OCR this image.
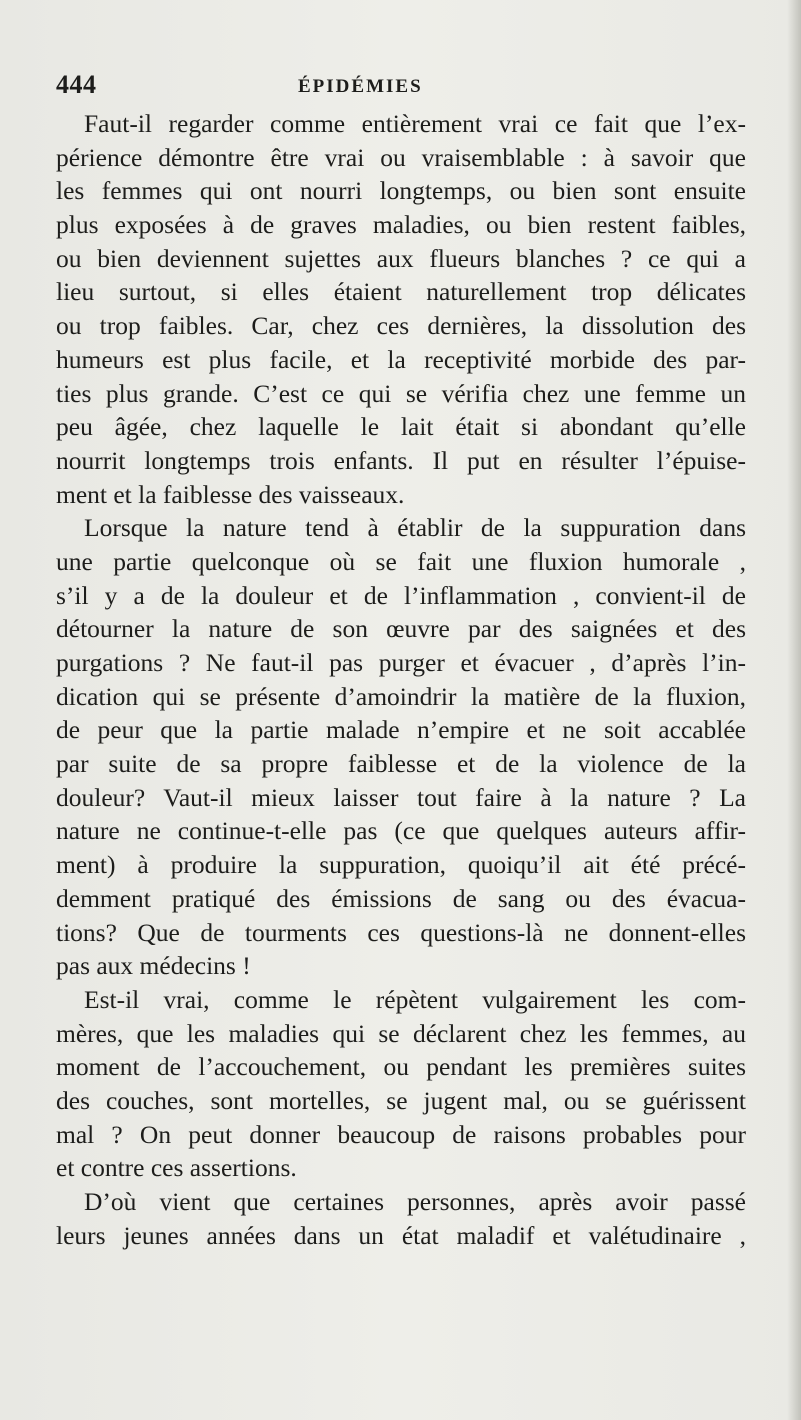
444	ÉPIDÉMIES
Faut-il regarder comme entièrement vrai ce fait que l’ex-
périence démontre être vrai ou vraisemblable : à savoir que
les femmes qui ont nourri longtemps, ou bien sont ensuite
plus exposées à de graves maladies, ou bien restent faibles,
ou bien deviennent sujettes aux flueurs blanches ? ce qui a
lieu surtout, si elles étaient naturellement trop délicates
ou trop faibles. Car, chez ces dernières, la dissolution des
humeurs est plus facile, et la receptivité morbide des par-
ties plus grande. C’est ce qui se vérifia chez une femme un
peu âgée, chez laquelle le lait était si abondant qu’elle
nourrit longtemps trois enfants. Il put en résulter l’épuise-
ment et la faiblesse des vaisseaux.
Lorsque la nature tend à établir de la suppuration dans
une partie quelconque où se fait une fluxion humorale ,
s’il y a de la douleur et de l’inflammation , convient-il de
détourner la nature de son œuvre par des saignées et des
purgations ? Ne faut-il pas purger et évacuer , d’après l’in-
dication qui se présente d’amoindrir la matière de la fluxion,
de peur que la partie malade n’empire et ne soit accablée
par suite de sa propre faiblesse et de la violence de la
douleur? Vaut-il mieux laisser tout faire à la nature ? La
nature ne continue-t-elle pas (ce que quelques auteurs affir-
ment) à produire la suppuration, quoiqu’il ait été précé-
demment pratiqué des émissions de sang ou des évacua-
tions? Que de tourments ces questions-là ne donnent-elles
pas aux médecins !
Est-il vrai, comme le répètent vulgairement les com-
mères, que les maladies qui se déclarent chez les femmes, au
moment de l’accouchement, ou pendant les premières suites
des couches, sont mortelles, se jugent mal, ou se guérissent
mal ? On peut donner beaucoup de raisons probables pour
et contre ces assertions.
D’où vient que certaines personnes, après avoir passé
leurs jeunes années dans un état maladif et valétudinaire ,
